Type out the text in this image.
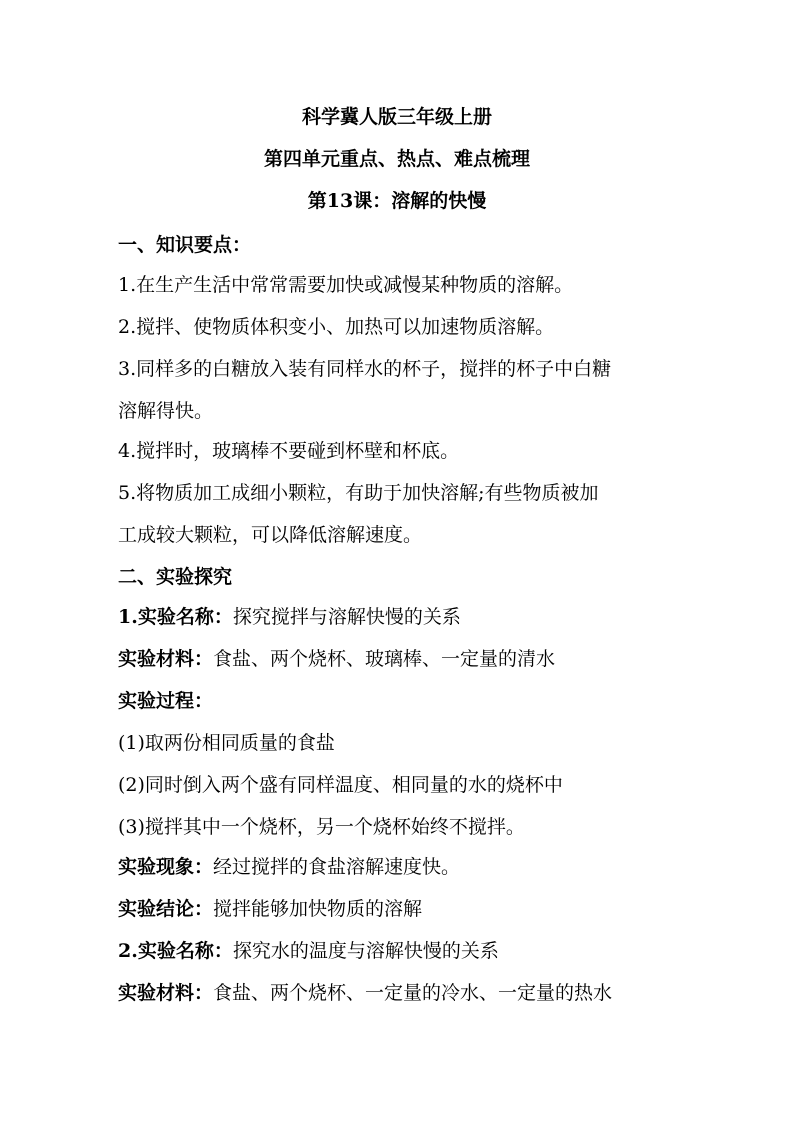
科学冀人版三年级上册
第四单元重点、热点、难点梳理
第13课：溶解的快慢
一、知识要点：
1.在生产生活中常常需要加快或减慢某种物质的溶解。
2.搅拌、使物质体积变小、加热可以加速物质溶解。
3.同样多的白糖放入装有同样水的杯子，搅拌的杯子中白糖
溶解得快。
4.搅拌时，玻璃棒不要碰到杯壁和杯底。
5.将物质加工成细小颗粒，有助于加快溶解;有些物质被加
工成较大颗粒，可以降低溶解速度。
二、实验探究
1.实验名称：探究搅拌与溶解快慢的关系
实验材料：食盐、两个烧杯、玻璃棒、一定量的清水
实验过程：
(1)取两份相同质量的食盐
(2)同时倒入两个盛有同样温度、相同量的水的烧杯中
(3)搅拌其中一个烧杯，另一个烧杯始终不搅拌。
实验现象：经过搅拌的食盐溶解速度快。
实验结论：搅拌能够加快物质的溶解
2.实验名称：探究水的温度与溶解快慢的关系
实验材料：食盐、两个烧杯、一定量的冷水、一定量的热水
